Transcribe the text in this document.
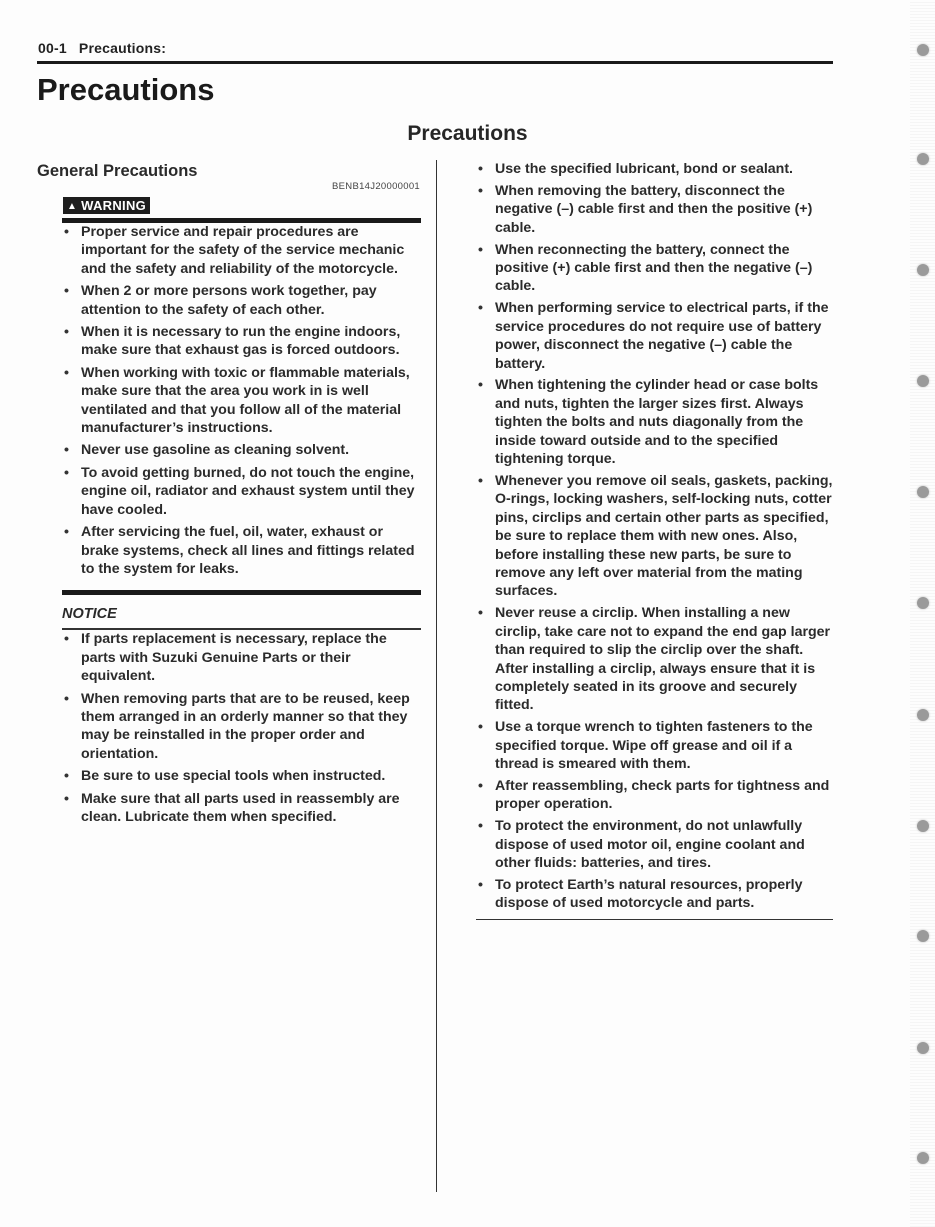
00-1 Precautions:
Precautions
Precautions
General Precautions
BENB14J20000001
▲ WARNING
• Proper service and repair procedures are important for the safety of the service mechanic and the safety and reliability of the motorcycle.
• When 2 or more persons work together, pay attention to the safety of each other.
• When it is necessary to run the engine indoors, make sure that exhaust gas is forced outdoors.
• When working with toxic or flammable materials, make sure that the area you work in is well ventilated and that you follow all of the material manufacturer’s instructions.
• Never use gasoline as cleaning solvent.
• To avoid getting burned, do not touch the engine, engine oil, radiator and exhaust system until they have cooled.
• After servicing the fuel, oil, water, exhaust or brake systems, check all lines and fittings related to the system for leaks.
NOTICE
• If parts replacement is necessary, replace the parts with Suzuki Genuine Parts or their equivalent.
• When removing parts that are to be reused, keep them arranged in an orderly manner so that they may be reinstalled in the proper order and orientation.
• Be sure to use special tools when instructed.
• Make sure that all parts used in reassembly are clean. Lubricate them when specified.
• Use the specified lubricant, bond or sealant.
• When removing the battery, disconnect the negative (–) cable first and then the positive (+) cable.
• When reconnecting the battery, connect the positive (+) cable first and then the negative (–) cable.
• When performing service to electrical parts, if the service procedures do not require use of battery power, disconnect the negative (–) cable the battery.
• When tightening the cylinder head or case bolts and nuts, tighten the larger sizes first. Always tighten the bolts and nuts diagonally from the inside toward outside and to the specified tightening torque.
• Whenever you remove oil seals, gaskets, packing, O-rings, locking washers, self-locking nuts, cotter pins, circlips and certain other parts as specified, be sure to replace them with new ones. Also, before installing these new parts, be sure to remove any left over material from the mating surfaces.
• Never reuse a circlip. When installing a new circlip, take care not to expand the end gap larger than required to slip the circlip over the shaft. After installing a circlip, always ensure that it is completely seated in its groove and securely fitted.
• Use a torque wrench to tighten fasteners to the specified torque. Wipe off grease and oil if a thread is smeared with them.
• After reassembling, check parts for tightness and proper operation.
• To protect the environment, do not unlawfully dispose of used motor oil, engine coolant and other fluids: batteries, and tires.
• To protect Earth’s natural resources, properly dispose of used motorcycle and parts.
